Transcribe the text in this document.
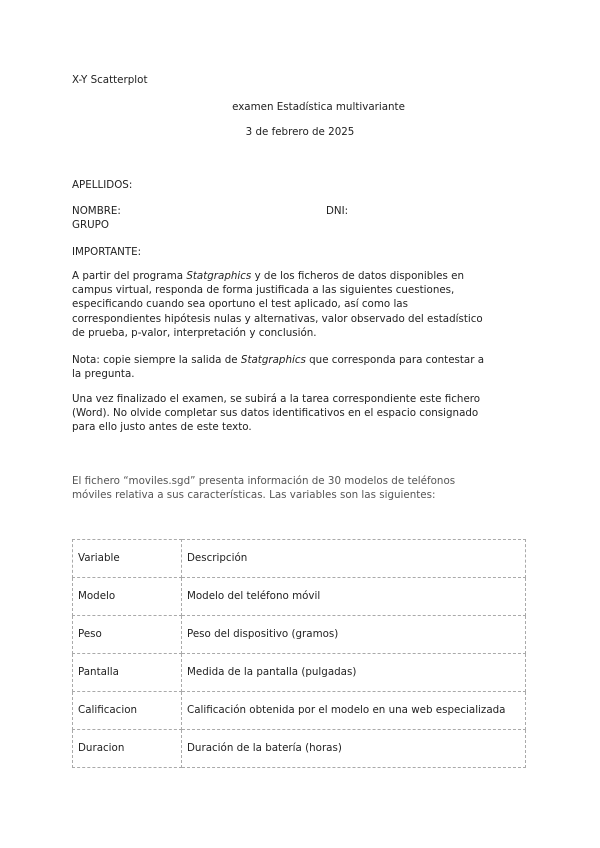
X-Y Scatterplot
examen Estadística multivariante
3 de febrero de 2025
APELLIDOS:
NOMBRE:	DNI:
GRUPO
IMPORTANTE:
A partir del programa Statgraphics y de los ficheros de datos disponibles en campus virtual, responda de forma justificada a las siguientes cuestiones, especificando cuando sea oportuno el test aplicado, así como las correspondientes hipótesis nulas y alternativas, valor observado del estadístico de prueba, p-valor, interpretación y conclusión.
Nota: copie siempre la salida de Statgraphics que corresponda para contestar a la pregunta.
Una vez finalizado el examen, se subirá a la tarea correspondiente este fichero (Word). No olvide completar sus datos identificativos en el espacio consignado para ello justo antes de este texto.
El fichero “moviles.sgd” presenta información de 30 modelos de teléfonos móviles relativa a sus características. Las variables son las siguientes:
Variable	Descripción
Modelo	Modelo del teléfono móvil
Peso	Peso del dispositivo (gramos)
Pantalla	Medida de la pantalla (pulgadas)
Calificacion	Calificación obtenida por el modelo en una web especializada
Duracion	Duración de la batería (horas)
